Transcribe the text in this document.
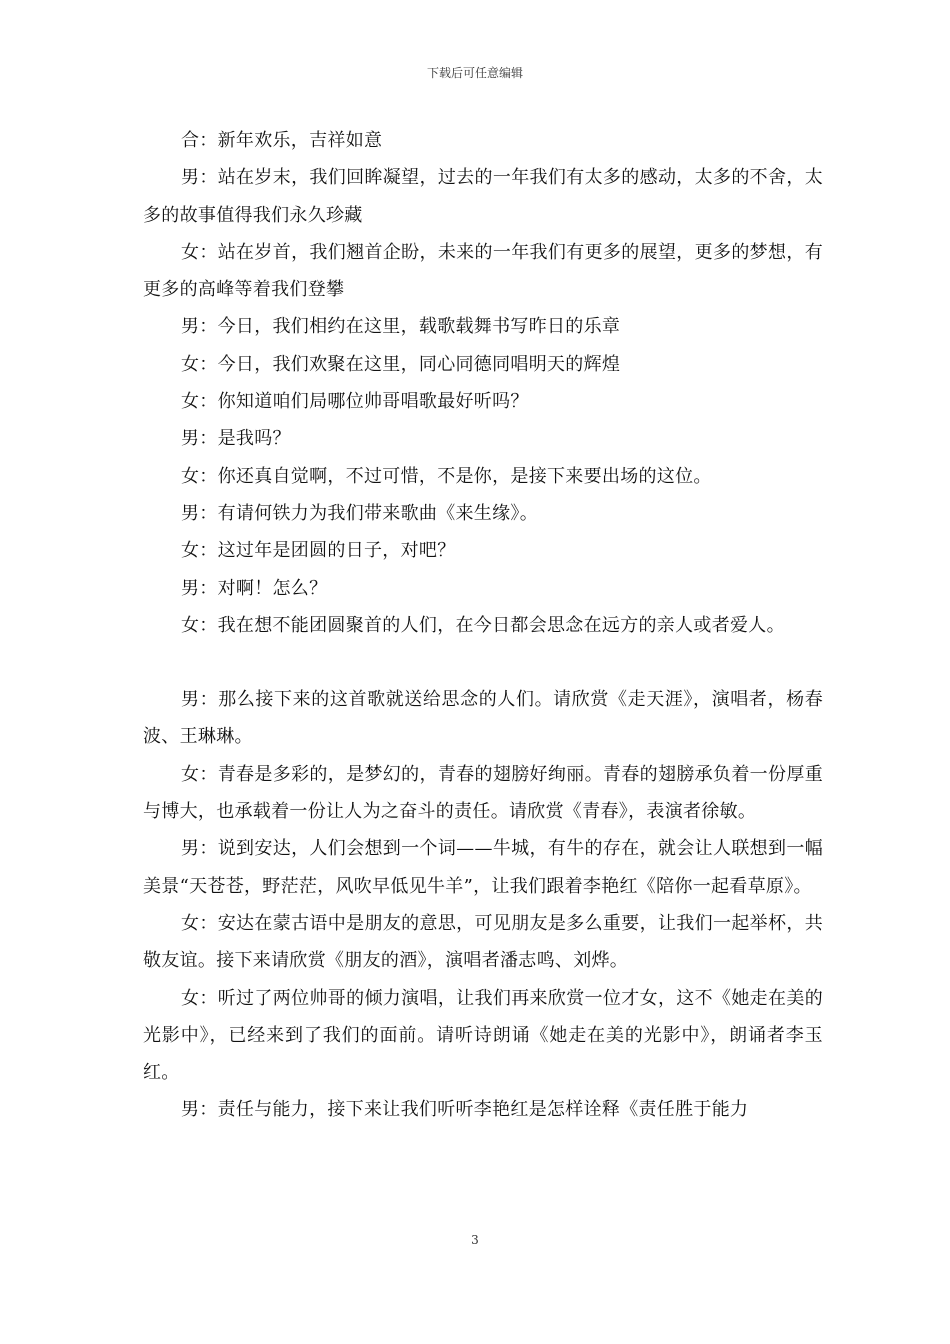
下载后可任意编辑

合：新年欢乐，吉祥如意

男：站在岁末，我们回眸凝望，过去的一年我们有太多的感动，太多的不舍，太多的故事值得我们永久珍藏

女：站在岁首，我们翘首企盼，未来的一年我们有更多的展望，更多的梦想，有更多的高峰等着我们登攀

男：今日，我们相约在这里，载歌载舞书写昨日的乐章

女：今日，我们欢聚在这里，同心同德同唱明天的辉煌

女：你知道咱们局哪位帅哥唱歌最好听吗？

男：是我吗？

女：你还真自觉啊，不过可惜，不是你，是接下来要出场的这位。

男：有请何铁力为我们带来歌曲《来生缘》。

女：这过年是团圆的日子，对吧？

男：对啊！怎么？

女：我在想不能团圆聚首的人们，在今日都会思念在远方的亲人或者爱人。

男：那么接下来的这首歌就送给思念的人们。请欣赏《走天涯》，演唱者，杨春波、王琳琳。

女：青春是多彩的，是梦幻的，青春的翅膀好绚丽。青春的翅膀承负着一份厚重与博大，也承载着一份让人为之奋斗的责任。请欣赏《青春》，表演者徐敏。

男：说到安达，人们会想到一个词——牛城，有牛的存在，就会让人联想到一幅美景“天苍苍，野茫茫，风吹早低见牛羊”，让我们跟着李艳红《陪你一起看草原》。

女：安达在蒙古语中是朋友的意思，可见朋友是多么重要，让我们一起举杯，共敬友谊。接下来请欣赏《朋友的酒》，演唱者潘志鸣、刘烨。

女：听过了两位帅哥的倾力演唱，让我们再来欣赏一位才女，这不《她走在美的光影中》，已经来到了我们的面前。请听诗朗诵《她走在美的光影中》，朗诵者李玉红。

男：责任与能力，接下来让我们听听李艳红是怎样诠释《责任胜于能力

3
